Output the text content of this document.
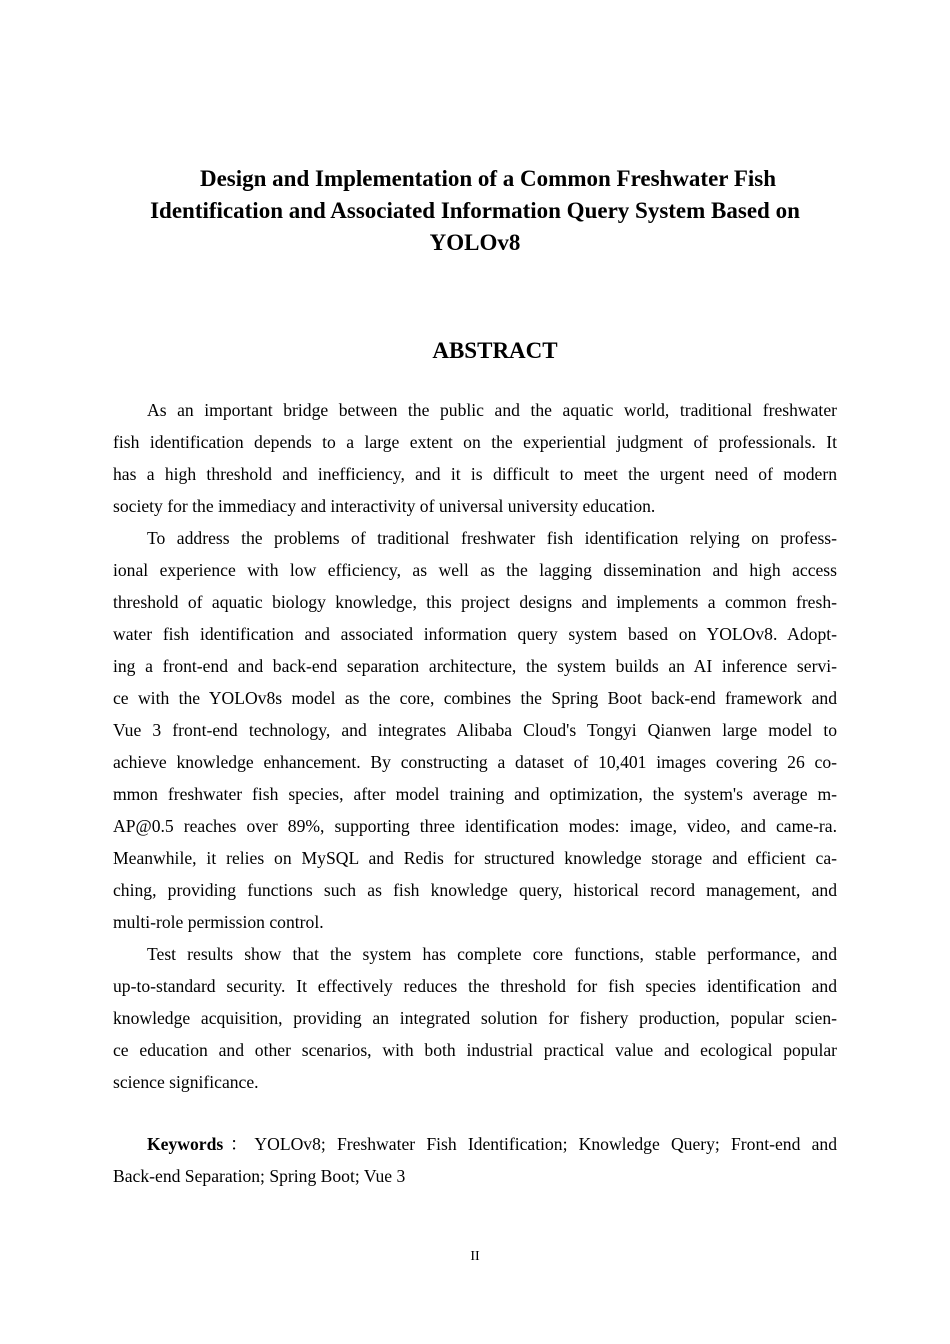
Design and Implementation of a Common Freshwater Fish
Identification and Associated Information Query System Based on
YOLOv8
ABSTRACT
As an important bridge between the public and the aquatic world, traditional freshwater
fish identification depends to a large extent on the experiential judgment of professionals. It
has a high threshold and inefficiency, and it is difficult to meet the urgent need of modern
society for the immediacy and interactivity of universal university education.
To address the problems of traditional freshwater fish identification relying on profess-
ional experience with low efficiency, as well as the lagging dissemination and high access
threshold of aquatic biology knowledge, this project designs and implements a common fresh-
water fish identification and associated information query system based on YOLOv8. Adopt-
ing a front-end and back-end separation architecture, the system builds an AI inference servi-
ce with the YOLOv8s model as the core, combines the Spring Boot back-end framework and
Vue 3 front-end technology, and integrates Alibaba Cloud's Tongyi Qianwen large model to
achieve knowledge enhancement. By constructing a dataset of 10,401 images covering 26 co-
mmon freshwater fish species, after model training and optimization, the system's average m-
AP@0.5 reaches over 89%, supporting three identification modes: image, video, and came-ra.
Meanwhile, it relies on MySQL and Redis for structured knowledge storage and efficient ca-
ching, providing functions such as fish knowledge query, historical record management, and
multi-role permission control.
Test results show that the system has complete core functions, stable performance, and
up-to-standard security. It effectively reduces the threshold for fish species identification and
knowledge acquisition, providing an integrated solution for fishery production, popular scien-
ce education and other scenarios, with both industrial practical value and ecological popular
science significance.
Keywords：YOLOv8; Freshwater Fish Identification; Knowledge Query; Front-end and
Back-end Separation; Spring Boot; Vue 3
II
